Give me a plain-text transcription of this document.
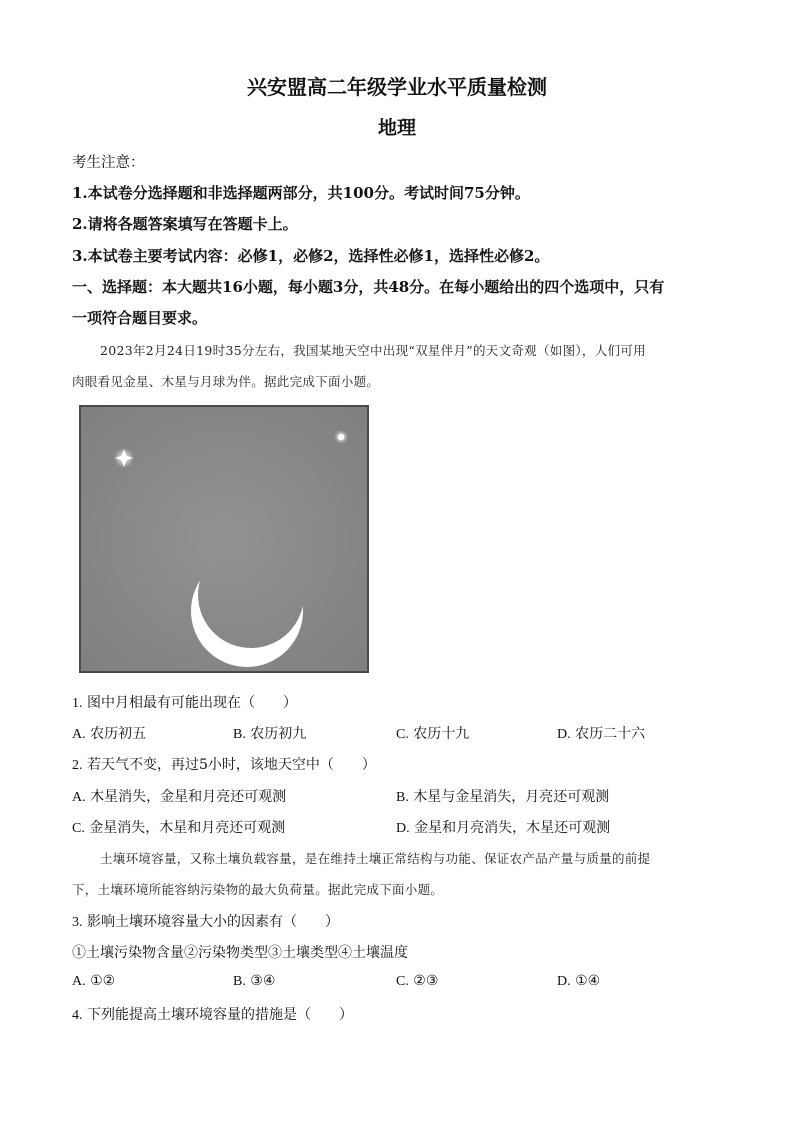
兴安盟高二年级学业水平质量检测
地理
考生注意：
1.本试卷分选择题和非选择题两部分，共100分。考试时间75分钟。
2.请将各题答案填写在答题卡上。
3.本试卷主要考试内容：必修1，必修2，选择性必修1，选择性必修2。
一、选择题：本大题共16小题，每小题3分，共48分。在每小题给出的四个选项中，只有
一项符合题目要求。
2023年2月24日19时35分左右，我国某地天空中出现“双星伴月”的天文奇观（如图），人们可用
肉眼看见金星、木星与月球为伴。据此完成下面小题。
1. 图中月相最有可能出现在（　　）
A. 农历初五	B. 农历初九	C. 农历十九	D. 农历二十六
2. 若天气不变，再过5小时，该地天空中（　　）
A. 木星消失，金星和月亮还可观测	B. 木星与金星消失，月亮还可观测
C. 金星消失，木星和月亮还可观测	D. 金星和月亮消失，木星还可观测
土壤环境容量，又称土壤负载容量，是在维持土壤正常结构与功能、保证农产品产量与质量的前提
下，土壤环境所能容纳污染物的最大负荷量。据此完成下面小题。
3. 影响土壤环境容量大小的因素有（　　）
①土壤污染物含量②污染物类型③土壤类型④土壤温度
A. ①②	B. ③④	C. ②③	D. ①④
4. 下列能提高土壤环境容量的措施是（　　）
